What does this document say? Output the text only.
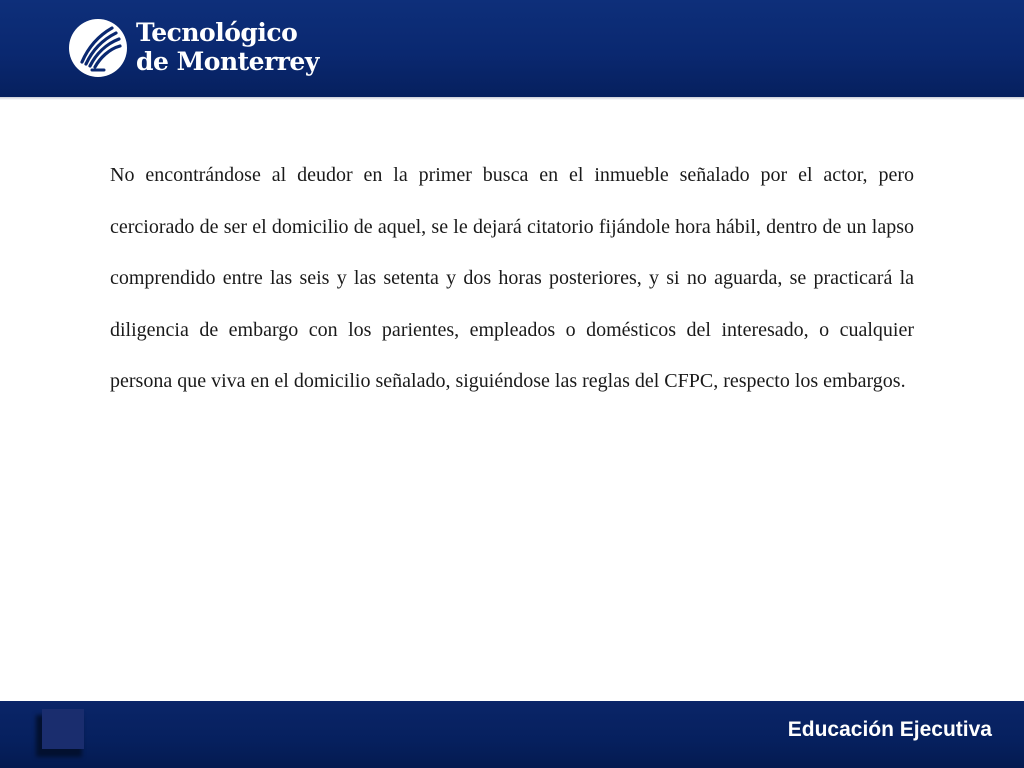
Tecnológico
de Monterrey

No encontrándose al deudor en la primer busca en el inmueble señalado por el actor, pero cerciorado de ser el domicilio de aquel, se le dejará citatorio fijándole hora hábil, dentro de un lapso comprendido entre las seis y las setenta y dos horas posteriores, y si no aguarda, se practicará la diligencia de embargo con los parientes, empleados o domésticos del interesado, o cualquier persona que viva en el domicilio señalado, siguiéndose las reglas del CFPC, respecto los embargos.

Educación Ejecutiva
